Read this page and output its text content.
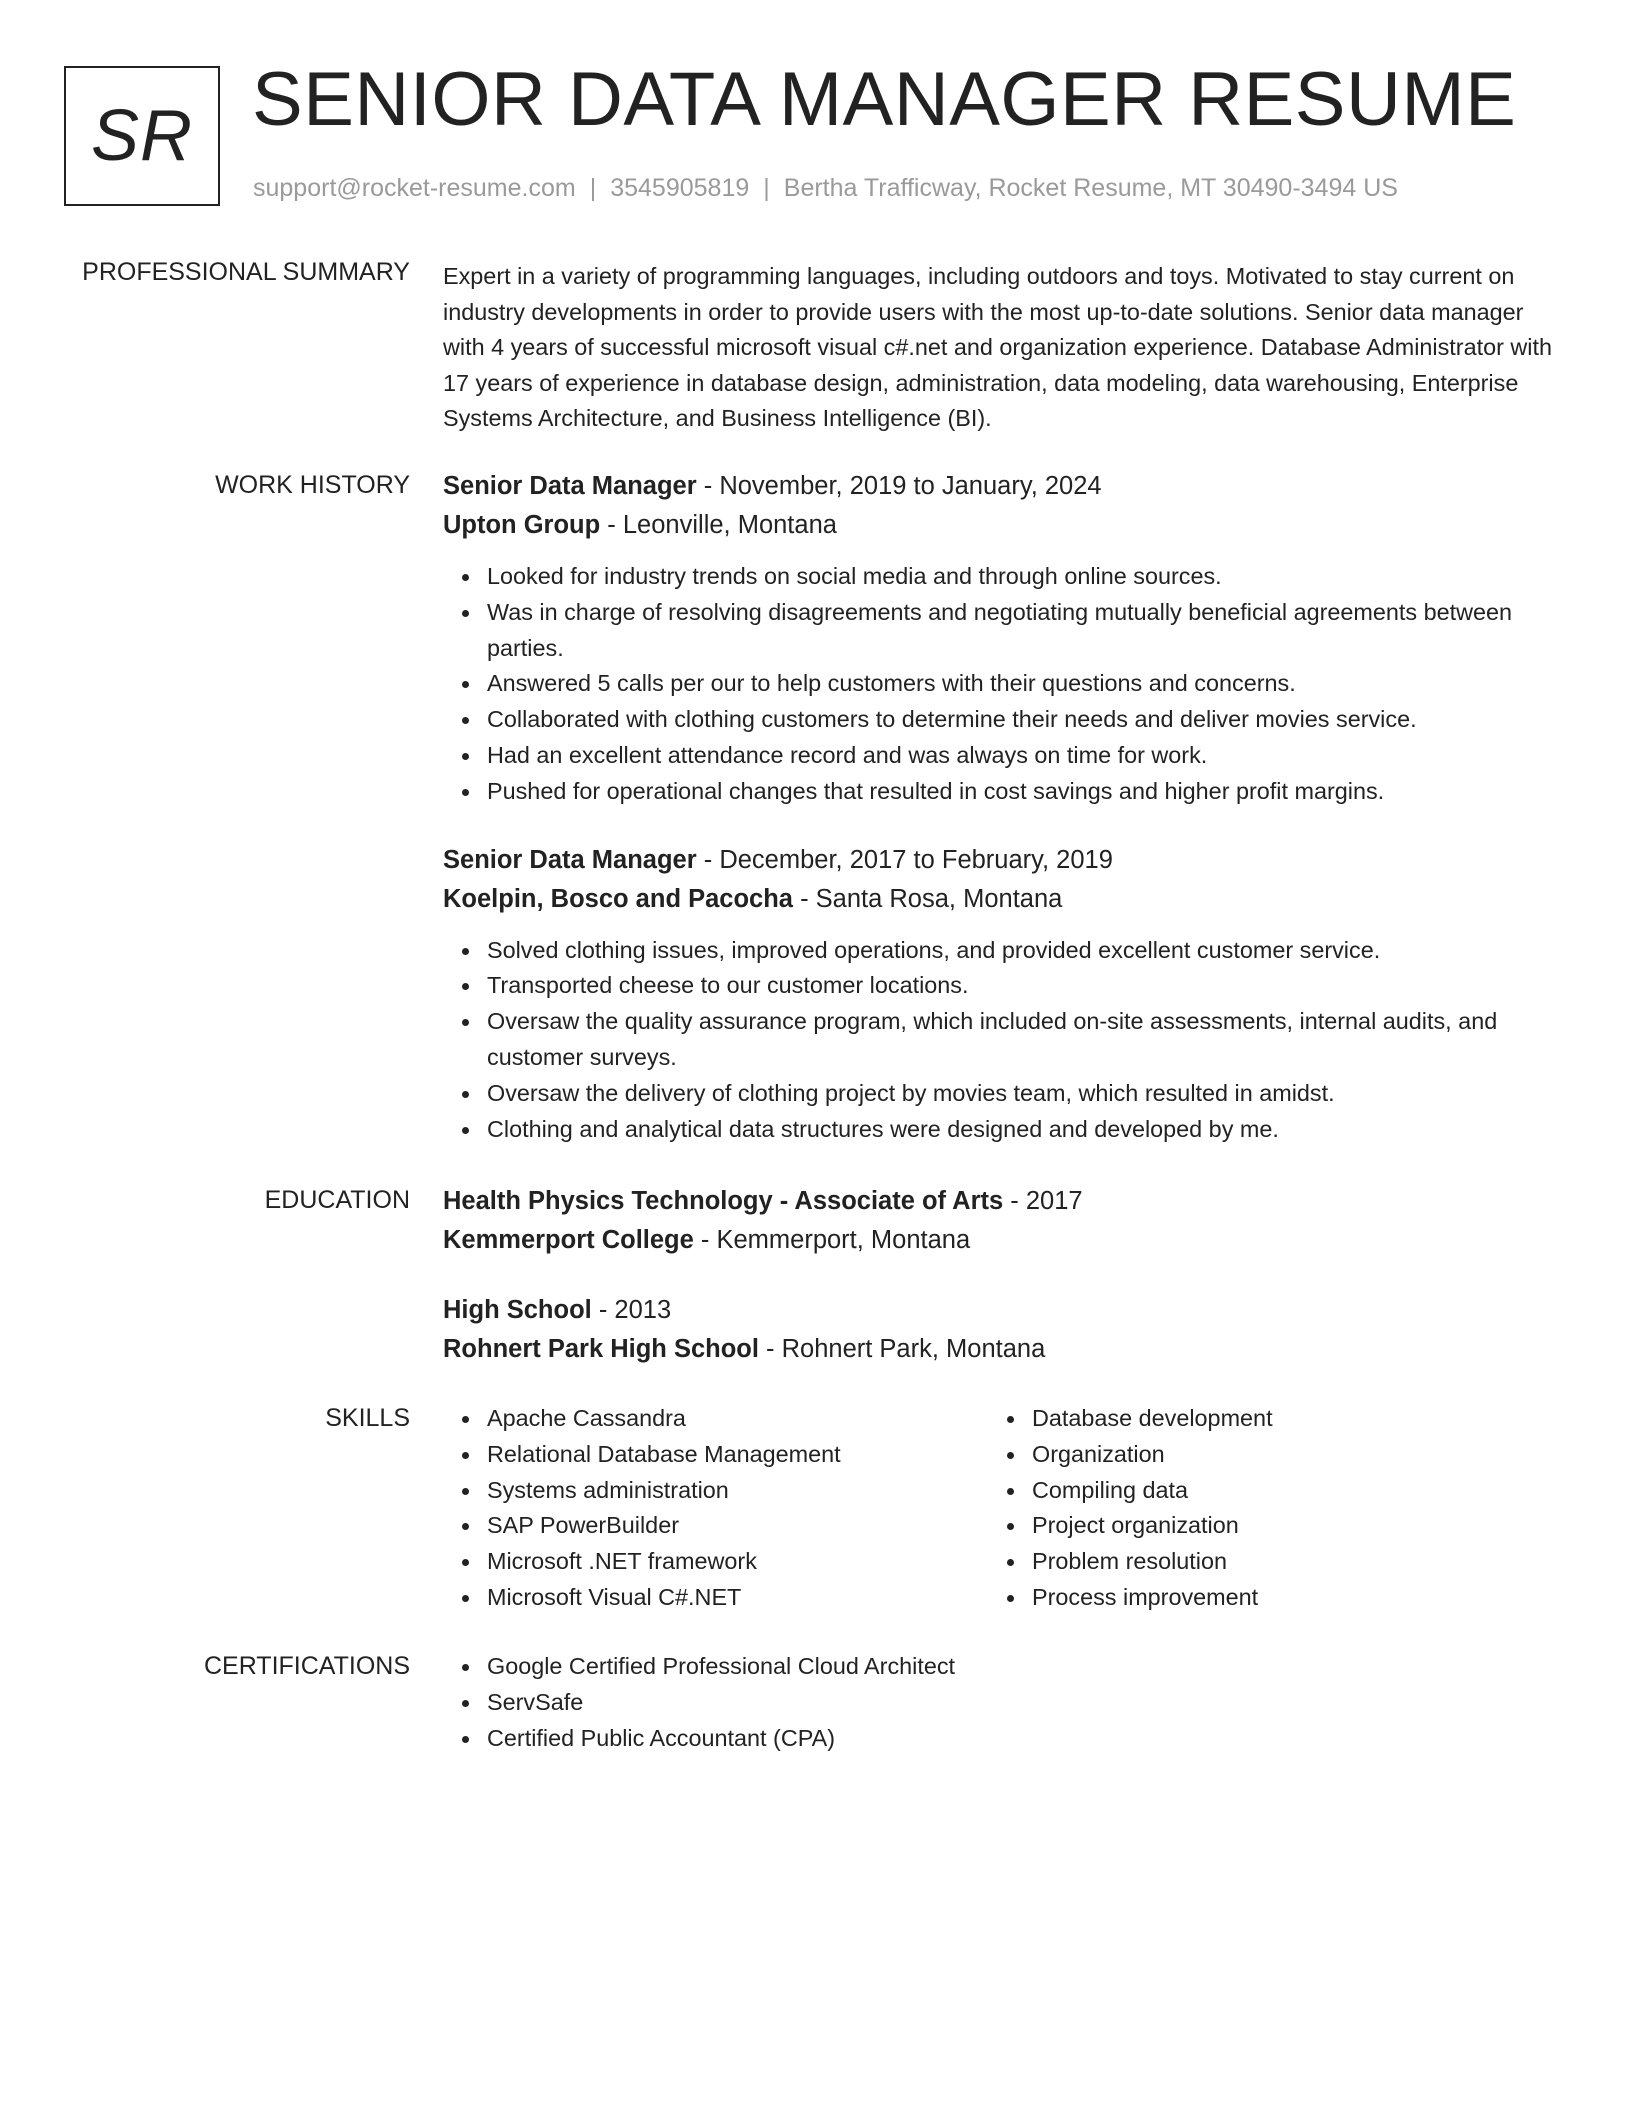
SR SENIOR DATA MANAGER RESUME
support@rocket-resume.com | 3545905819 | Bertha Trafficway, Rocket Resume, MT 30490-3494 US
PROFESSIONAL SUMMARY Expert in a variety of programming languages, including outdoors and toys. Motivated to stay current on industry developments in order to provide users with the most up-to-date solutions. Senior data manager with 4 years of successful microsoft visual c#.net and organization experience. Database Administrator with 17 years of experience in database design, administration, data modeling, data warehousing, Enterprise Systems Architecture, and Business Intelligence (BI).

WORK HISTORY Senior Data Manager - November, 2019 to January, 2024

Upton Group - Leonville, Montana

Looked for industry trends on social media and through online sources.
Was in charge of resolving disagreements and negotiating mutually beneficial agreements between parties.
Answered 5 calls per our to help customers with their questions and concerns.
Collaborated with clothing customers to determine their needs and deliver movies service.
Had an excellent attendance record and was always on time for work.
Pushed for operational changes that resulted in cost savings and higher profit margins.

Senior Data Manager - December, 2017 to February, 2019

Koelpin, Bosco and Pacocha - Santa Rosa, Montana

Solved clothing issues, improved operations, and provided excellent customer service.
Transported cheese to our customer locations.
Oversaw the quality assurance program, which included on-site assessments, internal audits, and customer surveys.
Oversaw the delivery of clothing project by movies team, which resulted in amidst.
Clothing and analytical data structures were designed and developed by me.
EDUCATION Health Physics Technology - Associate of Arts - 2017

Kemmerport College - Kemmerport, Montana

High School - 2013

Rohnert Park High School - Rohnert Park, Montana

SKILLS	Apache Cassandra
Relational Database Management
Systems administration
SAP PowerBuilder
Microsoft .NET framework
Microsoft Visual C#.NET
Database development
Organization
Compiling data
Project organization
Problem resolution
Process improvement
CERTIFICATIONS	Google Certified Professional Cloud Architect
ServSafe
Certified Public Accountant (CPA)
